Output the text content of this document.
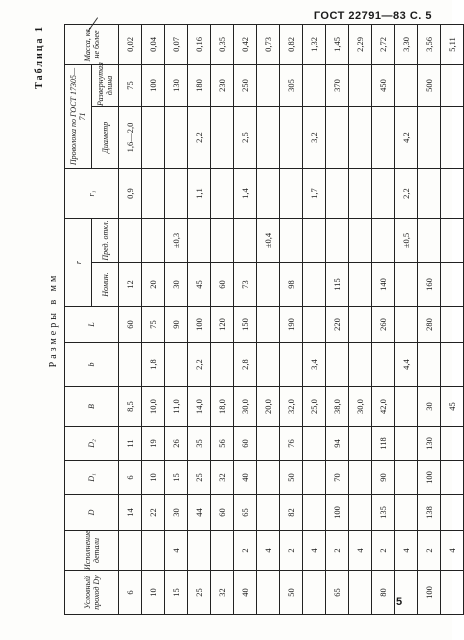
ГОСТ 22791—83 С. 5
Таблица 1
Размеры в мм
Условный проход Dу	Исполнение детали	D	D₁	D₂	B	b	L	r		r₁	Проволока по ГОСТ 17305—71		Масса, кг, не более
								Номин.	Пред. откл.		Диаметр	Развернутая длина	
6		14	6	11	8,5		60	12		0,9	1,6—2,0	75	0,02
10		22	10	19	10,0	1,8	75	20				100	0,04
15	4	30	15	26	11,0		90	30	±0,3			130	0,07
25		44	25	35	14,0	2,2	100	45		1,1	2,2	180	0,16
32		60	32	56	18,0		120	60				230	0,35
40	2	65	40	60	30,0	2,8	150	73		1,4	2,5	250	0,42
	4				20,0				±0,4				0,73
50	2	82	50	76	32,0		190	98				305	0,82
	4				25,0	3,4				1,7	3,2		1,32
65	2	100	70	94	38,0		220	115				370	1,45
	4				30,0								2,29
80	2	135	90	118	42,0		260	140				450	2,72
	4					4,4			±0,5	2,2	4,2		3,30
100	2	138	100	130	30		280	160				500	3,56
	4				45								5,11
5
